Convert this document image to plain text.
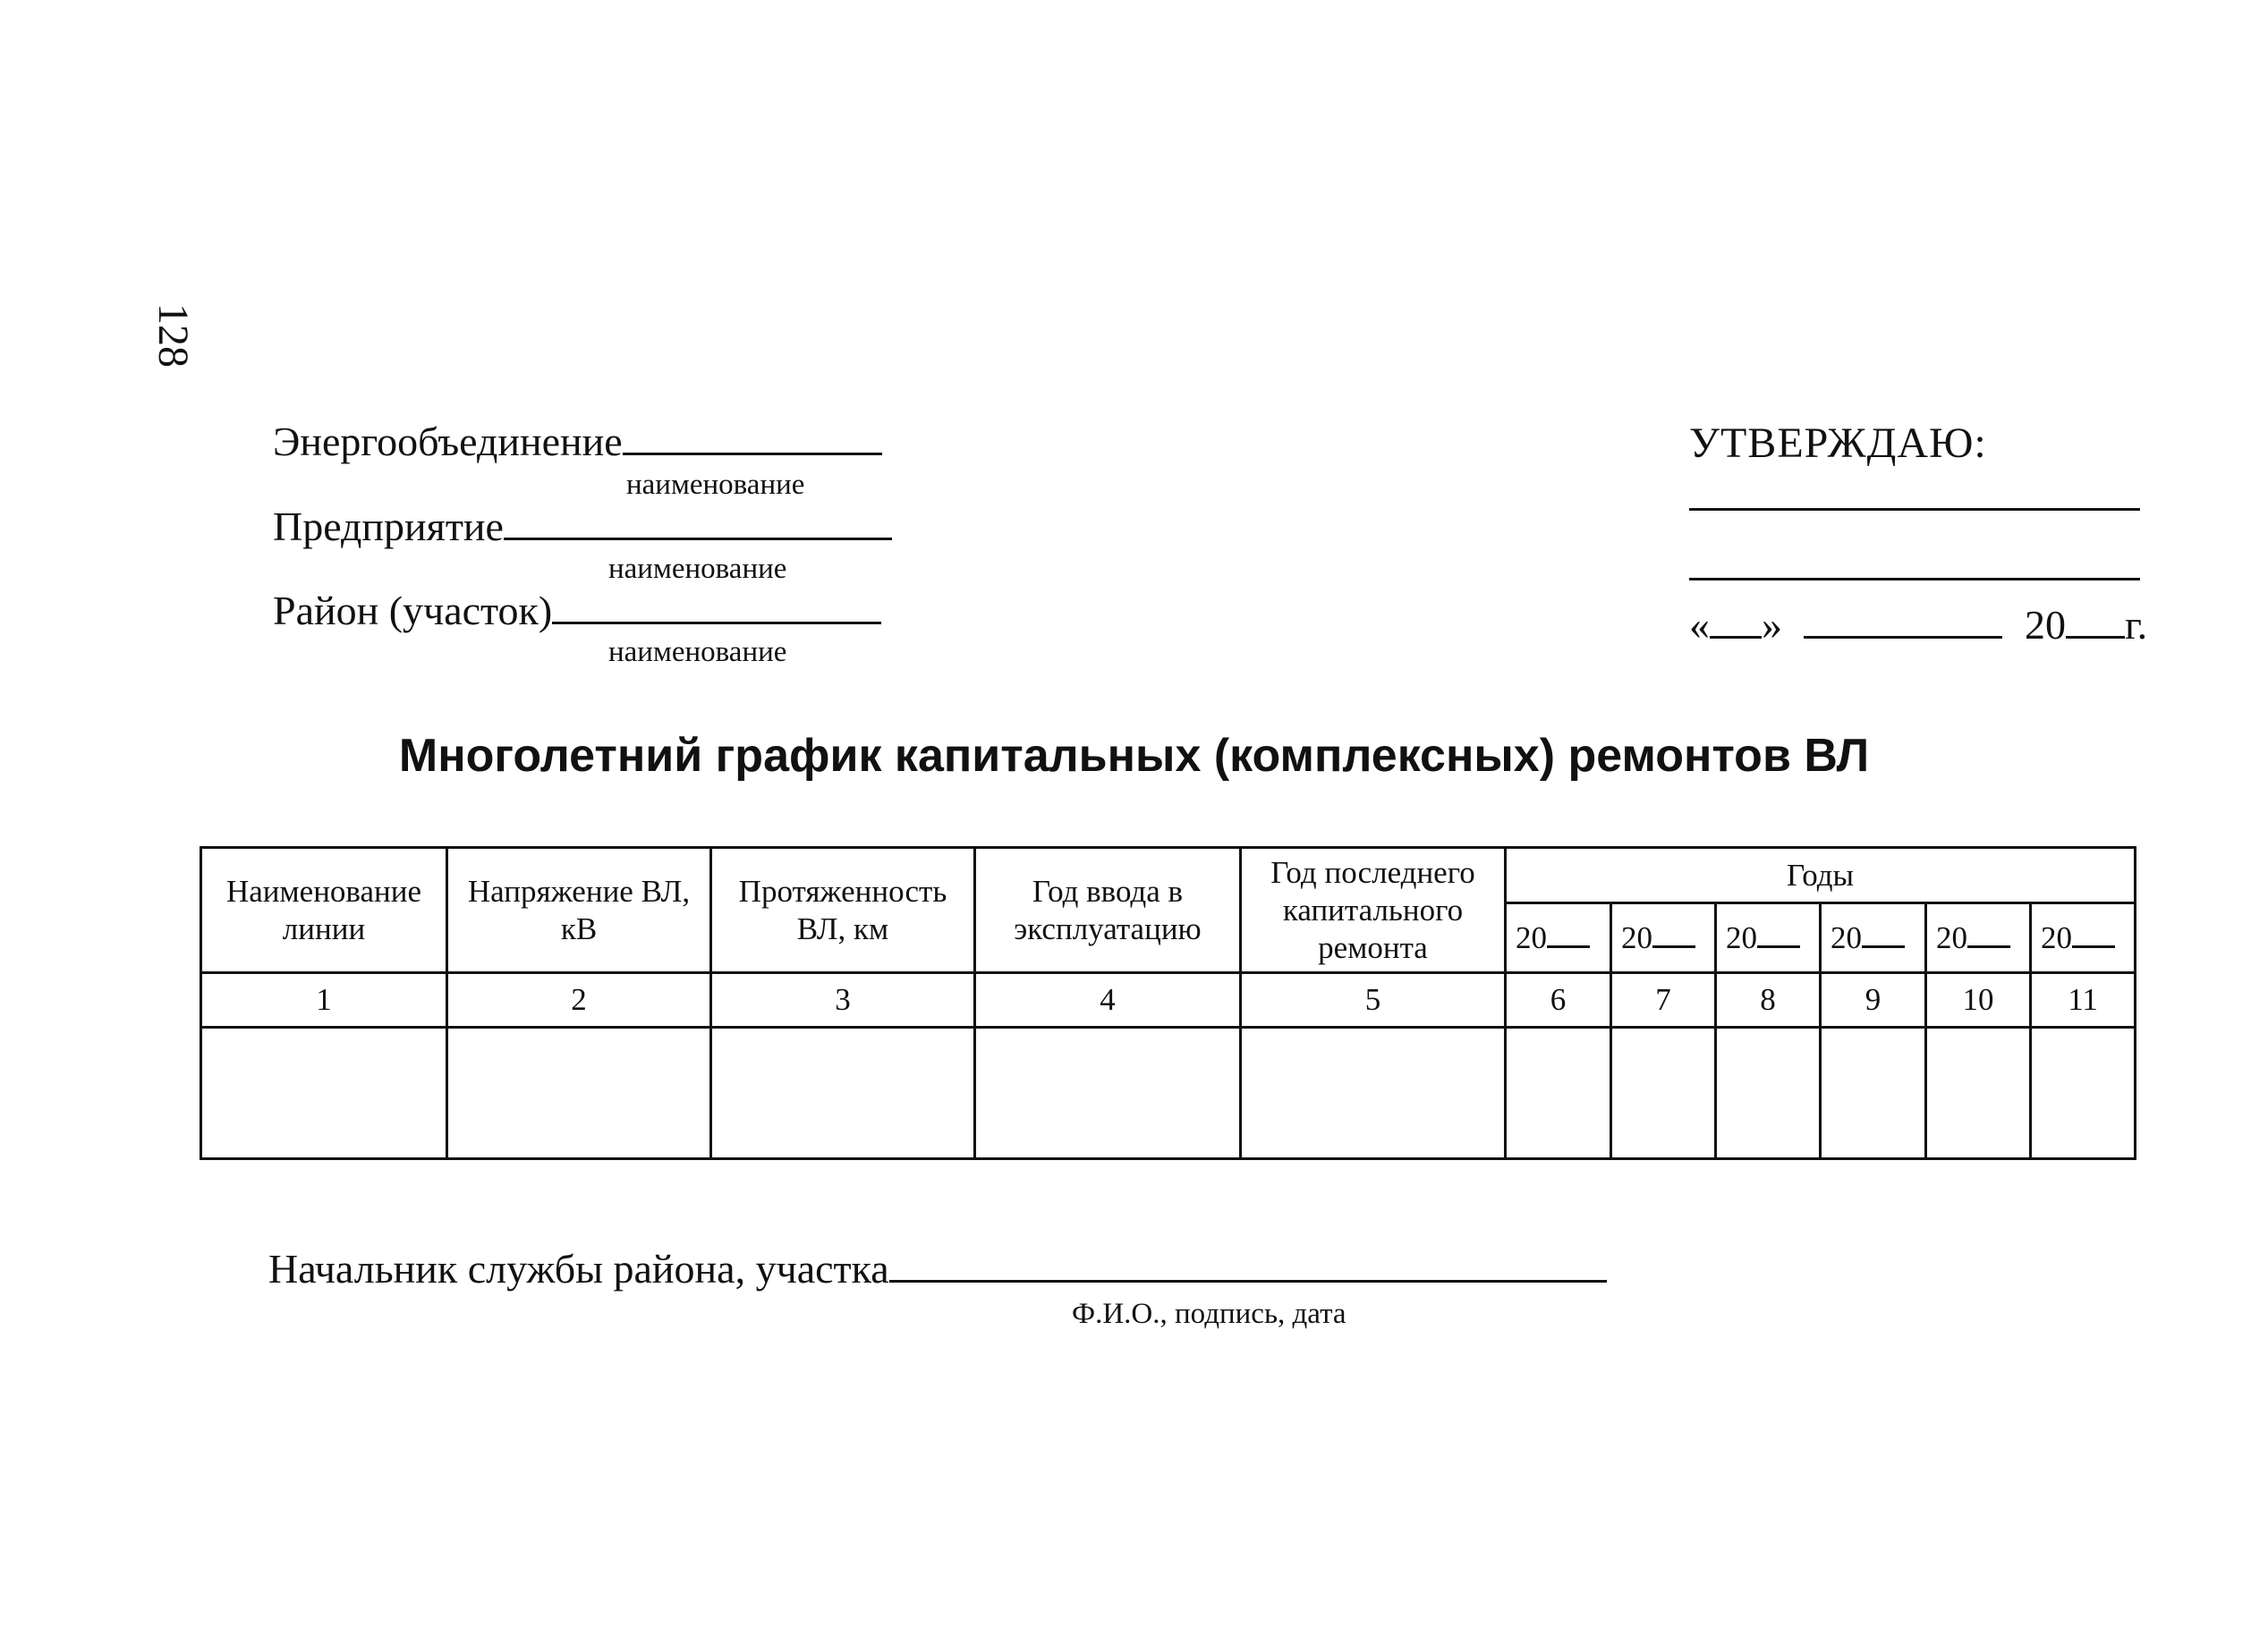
128
Энергообъединение
наименование
Предприятие
наименование
Район (участок)
наименование
УТВЕРЖДАЮ:
« »	20 г.
Многолетний график капитальных (комплексных) ремонтов ВЛ
Наименование линии	Напряжение ВЛ, кВ	Протяженность ВЛ, км	Год ввода в эксплуатацию	Год последнего капитального ремонта	Годы					
					20	20	20	20	20	20
1	2	3	4	5	6	7	8	9	10	11

Начальник службы района, участка
Ф.И.О., подпись, дата
